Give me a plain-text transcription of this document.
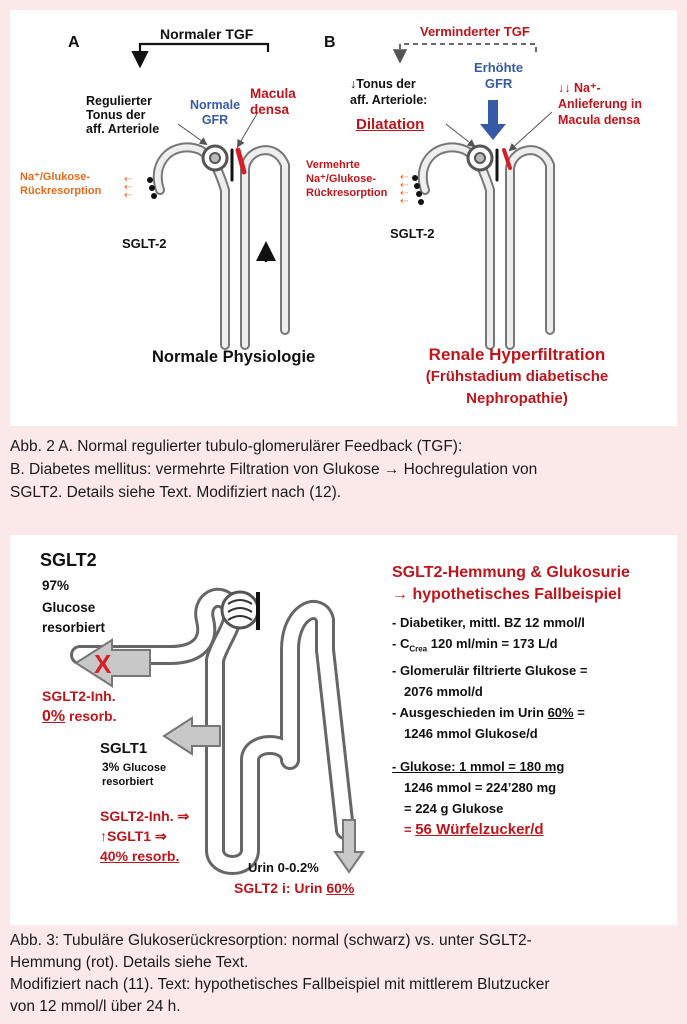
A	Normaler TGF
Regulierter
Tonus der
aff. Arteriole
Normale
GFR
Macula
densa
Na⁺/Glukose-
Rückresorption
⇠
⇠
⇠
SGLT-2
Normale Physiologie
B
Verminderter TGF
↓Tonus der
aff. Arteriole:
Dilatation
Erhöhte
GFR	↓↓ Na⁺-
Anlieferung in
Macula densa
Vermehrte
Na⁺/Glukose-
Rückresorption
⇠
⇠
⇠
⇠
SGLT-2
Renale Hyperfiltration
(Frühstadium diabetische
Nephropathie)
Abb. 2 A. Normal regulierter tubulo-glomerulärer Feedback (TGF):
B. Diabetes mellitus: vermehrte Filtration von Glukose → Hochregulation von
SGLT2. Details siehe Text. Modifiziert nach (12).
X
SGLT2
97%
Glucose
resorbiert
SGLT2-Inh.
0% resorb.
SGLT1
3% Glucose
resorbiert
SGLT2-Inh. ⇒
↑SGLT1 ⇒
40% resorb.
Urin 0-0.2%
SGLT2 i: Urin 60%
SGLT2-Hemmung & Glukosurie
→ hypothetisches Fallbeispiel
- Diabetiker, mittl. BZ 12 mmol/l
- $C_{Crea}$ 120 ml/min = 173 L/d
- Glomerulär filtrierte Glukose =
2076 mmol/d
- Ausgeschieden im Urin 60% =
1246 mmol Glukose/d
- Glukose: 1 mmol = 180 mg
1246 mmol = 224’280 mg
= 224 g Glukose
= 56 Würfelzucker/d
Abb. 3: Tubuläre Glukoserückresorption: normal (schwarz) vs. unter SGLT2-
Hemmung (rot). Details siehe Text.
Modifiziert nach (11). Text: hypothetisches Fallbeispiel mit mittlerem Blutzucker
von 12 mmol/l über 24 h.
